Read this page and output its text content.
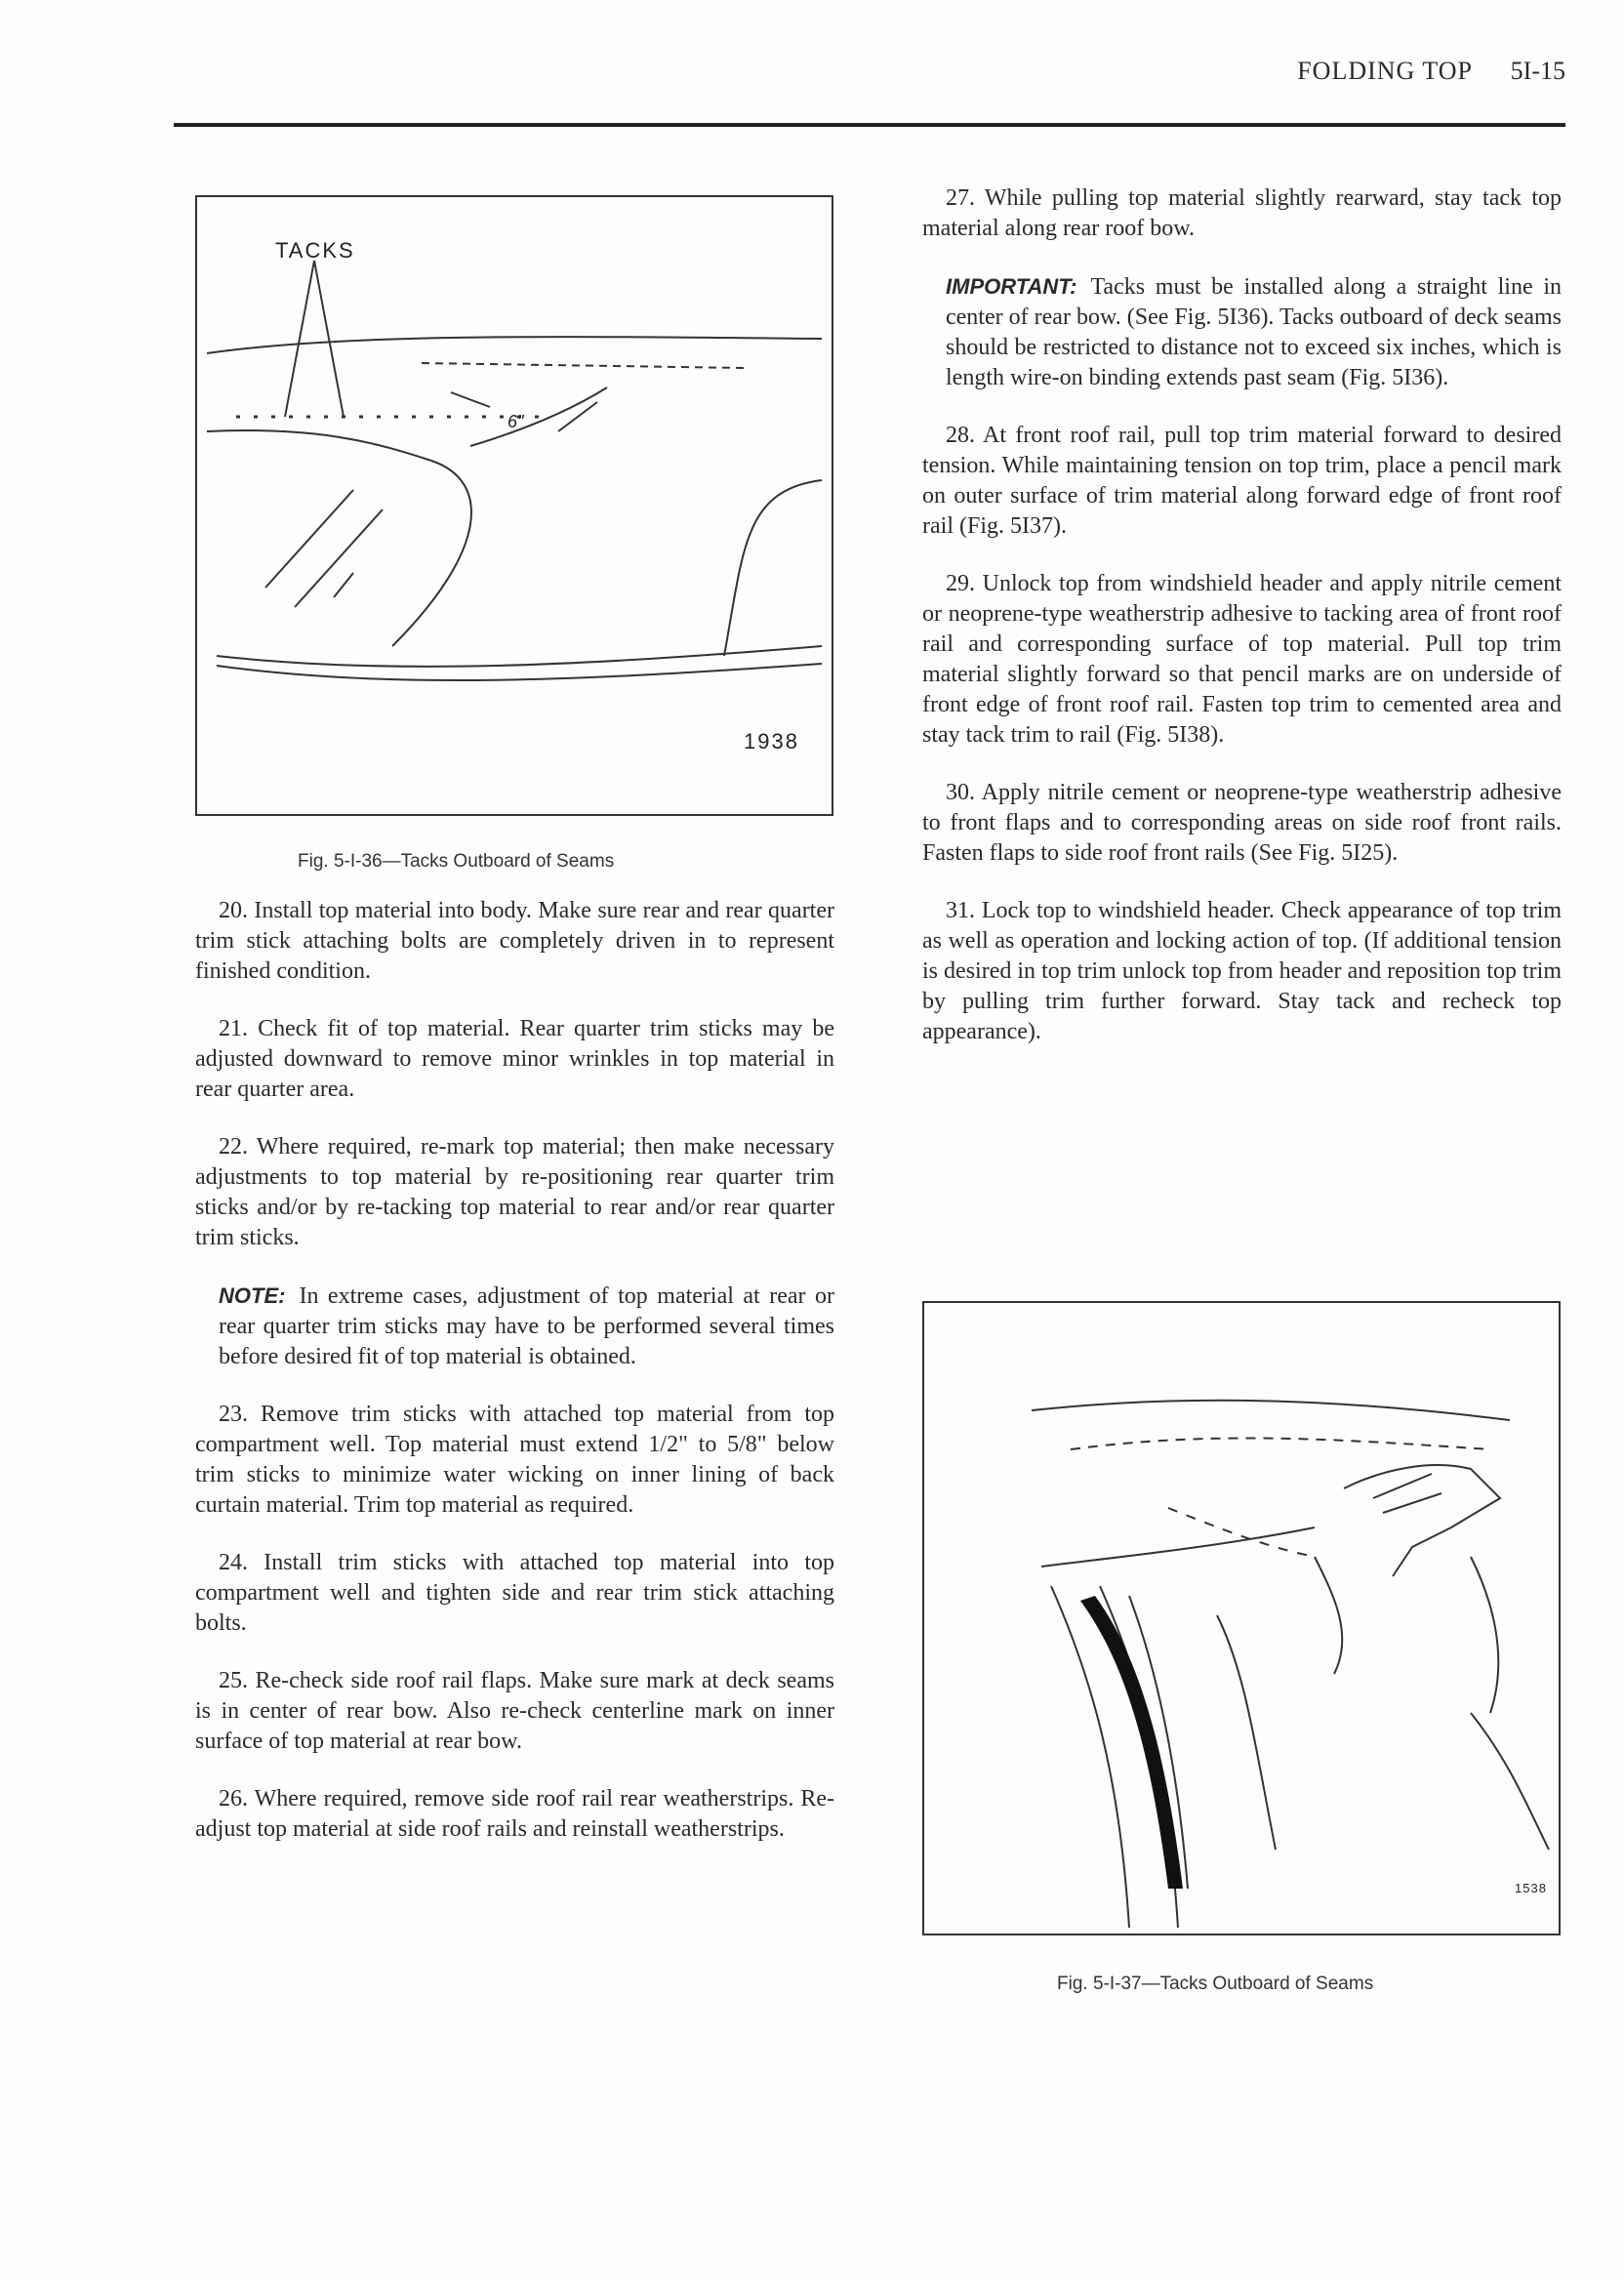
FOLDING TOP 5I-15
TACKS
6"
1938
Fig. 5-I-36—Tacks Outboard of Seams

20. Install top material into body. Make sure rear and rear quarter trim stick attaching bolts are completely driven in to represent finished condition.

21. Check fit of top material. Rear quarter trim sticks may be adjusted downward to remove minor wrinkles in top material in rear quarter area.

22. Where required, re-mark top material; then make necessary adjustments to top material by re-positioning rear quarter trim sticks and/or by re-tacking top material to rear and/or rear quarter trim sticks.

NOTE: In extreme cases, adjustment of top material at rear or rear quarter trim sticks may have to be performed several times before desired fit of top material is obtained.

23. Remove trim sticks with attached top material from top compartment well. Top material must extend 1/2" to 5/8" below trim sticks to minimize water wicking on inner lining of back curtain material. Trim top material as required.

24. Install trim sticks with attached top material into top compartment well and tighten side and rear trim stick attaching bolts.

25. Re-check side roof rail flaps. Make sure mark at deck seams is in center of rear bow. Also re-check centerline mark on inner surface of top material at rear bow.

26. Where required, remove side roof rail rear weatherstrips. Re-adjust top material at side roof rails and reinstall weatherstrips.

27. While pulling top material slightly rearward, stay tack top material along rear roof bow.

IMPORTANT: Tacks must be installed along a straight line in center of rear bow. (See Fig. 5I36). Tacks outboard of deck seams should be restricted to distance not to exceed six inches, which is length wire-on binding extends past seam (Fig. 5I36).

28. At front roof rail, pull top trim material forward to desired tension. While maintaining tension on top trim, place a pencil mark on outer surface of trim material along forward edge of front roof rail (Fig. 5I37).

29. Unlock top from windshield header and apply nitrile cement or neoprene-type weatherstrip adhesive to tacking area of front roof rail and corresponding surface of top material. Pull top trim material slightly forward so that pencil marks are on underside of front edge of front roof rail. Fasten top trim to cemented area and stay tack trim to rail (Fig. 5I38).

30. Apply nitrile cement or neoprene-type weatherstrip adhesive to front flaps and to corresponding areas on side roof front rails. Fasten flaps to side roof front rails (See Fig. 5I25).

31. Lock top to windshield header. Check appearance of top trim as well as operation and locking action of top. (If additional tension is desired in top trim unlock top from header and reposition top trim by pulling trim further forward. Stay tack and recheck top appearance).

1538
Fig. 5-I-37—Tacks Outboard of Seams
